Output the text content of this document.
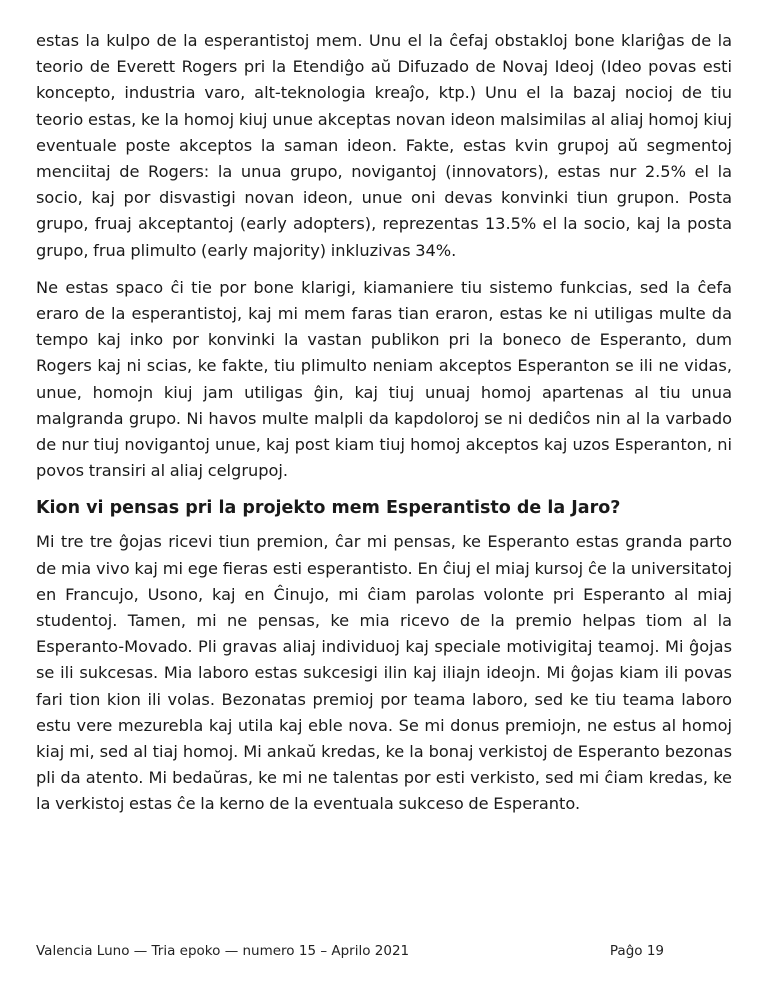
estas la kulpo de la esperantistoj mem. Unu el la ĉefaj obstakloj bone klariĝas de la teorio de Everett Rogers pri la Etendiĝo aŭ Difuzado de Novaj Ideoj (Ideo povas esti koncepto, industria varo, alt-teknologia kreaĵo, ktp.) Unu el la bazaj nocioj de tiu teorio estas, ke la homoj kiuj unue akceptas novan ideon malsimilas al aliaj homoj kiuj eventuale poste akceptos la saman ideon. Fakte, estas kvin grupoj aŭ segmentoj menciitaj de Rogers: la unua grupo, novigantoj (innovators), estas nur 2.5% el la socio, kaj por disvastigi novan ideon, unue oni devas konvinki tiun grupon. Posta grupo, fruaj akceptantoj (early adopters), reprezentas 13.5% el la socio, kaj la posta grupo, frua plimulto (early majority) inkluzivas 34%.

Ne estas spaco ĉi tie por bone klarigi, kiamaniere tiu sistemo funkcias, sed la ĉefa eraro de la esperantistoj, kaj mi mem faras tian eraron, estas ke ni utiligas multe da tempo kaj inko por konvinki la vastan publikon pri la boneco de Esperanto, dum Rogers kaj ni scias, ke fakte, tiu plimulto neniam akceptos Esperanton se ili ne vidas, unue, homojn kiuj jam utiligas ĝin, kaj tiuj unuaj homoj apartenas al tiu unua malgranda grupo. Ni havos multe malpli da kapdoloroj se ni dediĉos nin al la varbado de nur tiuj novigantoj unue, kaj post kiam tiuj homoj akceptos kaj uzos Esperanton, ni povos transiri al aliaj celgrupoj.

Kion vi pensas pri la projekto mem Esperantisto de la Jaro?

Mi tre tre ĝojas ricevi tiun premion, ĉar mi pensas, ke Esperanto estas granda parto de mia vivo kaj mi ege fieras esti esperantisto. En ĉiuj el miaj kursoj ĉe la universitatoj en Francujo, Usono, kaj en Ĉinujo, mi ĉiam parolas volonte pri Esperanto al miaj studentoj. Tamen, mi ne pensas, ke mia ricevo de la premio helpas tiom al la Esperanto-Movado. Pli gravas aliaj individuoj kaj speciale motivigitaj teamoj. Mi ĝojas se ili sukcesas. Mia laboro estas sukcesigi ilin kaj iliajn ideojn. Mi ĝojas kiam ili povas fari tion kion ili volas. Bezonatas premioj por teama laboro, sed ke tiu teama laboro estu vere mezurebla kaj utila kaj eble nova. Se mi donus premiojn, ne estus al homoj kiaj mi, sed al tiaj homoj. Mi ankaŭ kredas, ke la bonaj verkistoj de Esperanto bezonas pli da atento. Mi bedaŭras, ke mi ne talentas por esti verkisto, sed mi ĉiam kredas, ke la verkistoj estas ĉe la kerno de la eventuala sukceso de Esperanto.

Valencia Luno — Tria epoko — numero 15 – Aprilo 2021	Paĝo 19
